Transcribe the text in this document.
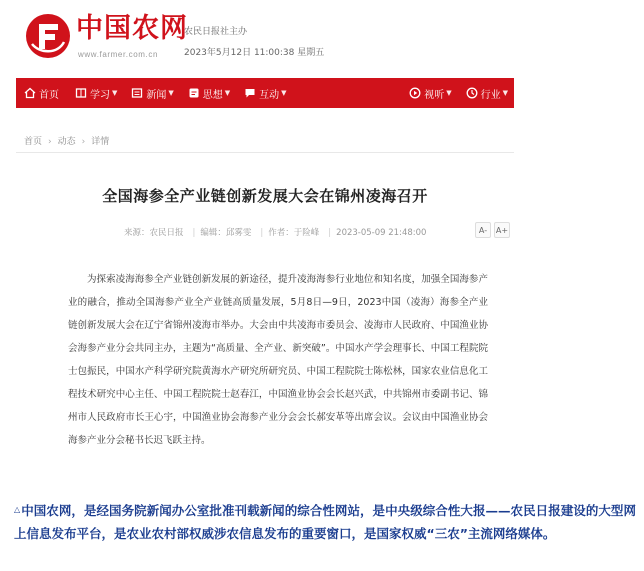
中国农网
www.farmer.com.cn
农民日报社主办
2023年5月12日 11:00:38 星期五
首页	学习 ▼	新闻 ▼	思想 ▼	互动 ▼	视听 ▼	行业 ▼
首页 › 动态 › 详情
全国海参全产业链创新发展大会在锦州凌海召开
来源：农民日报 | 编辑：邱雾雯 | 作者：于险峰 | 2023-05-09 21:48:00	A-	A+

为探索凌海海参全产业链创新发展的新途径，提升凌海海参行业地位和知名度，加强全国海参产业的融合，推动全国海参产业全产业链高质量发展，5月8日—9日，2023中国（凌海）海参全产业链创新发展大会在辽宁省锦州凌海市举办。大会由中共凌海市委员会、凌海市人民政府、中国渔业协会海参产业分会共同主办，主题为“高质量、全产业、新突破”。中国水产学会理事长、中国工程院院士包振民，中国水产科学研究院黄海水产研究所研究员、中国工程院院士陈松林，国家农业信息化工程技术研究中心主任、中国工程院院士赵春江，中国渔业协会会长赵兴武，中共锦州市委副书记、锦州市人民政府市长王心宇，中国渔业协会海参产业分会会长郝安革等出席会议。会议由中国渔业协会海参产业分会秘书长迟飞跃主持。

△中国农网，是经国务院新闻办公室批准刊载新闻的综合性网站，是中央级综合性大报——农民日报建设的大型网上信息发布平台，是农业农村部权威涉农信息发布的重要窗口，是国家权威“三农”主流网络媒体。
